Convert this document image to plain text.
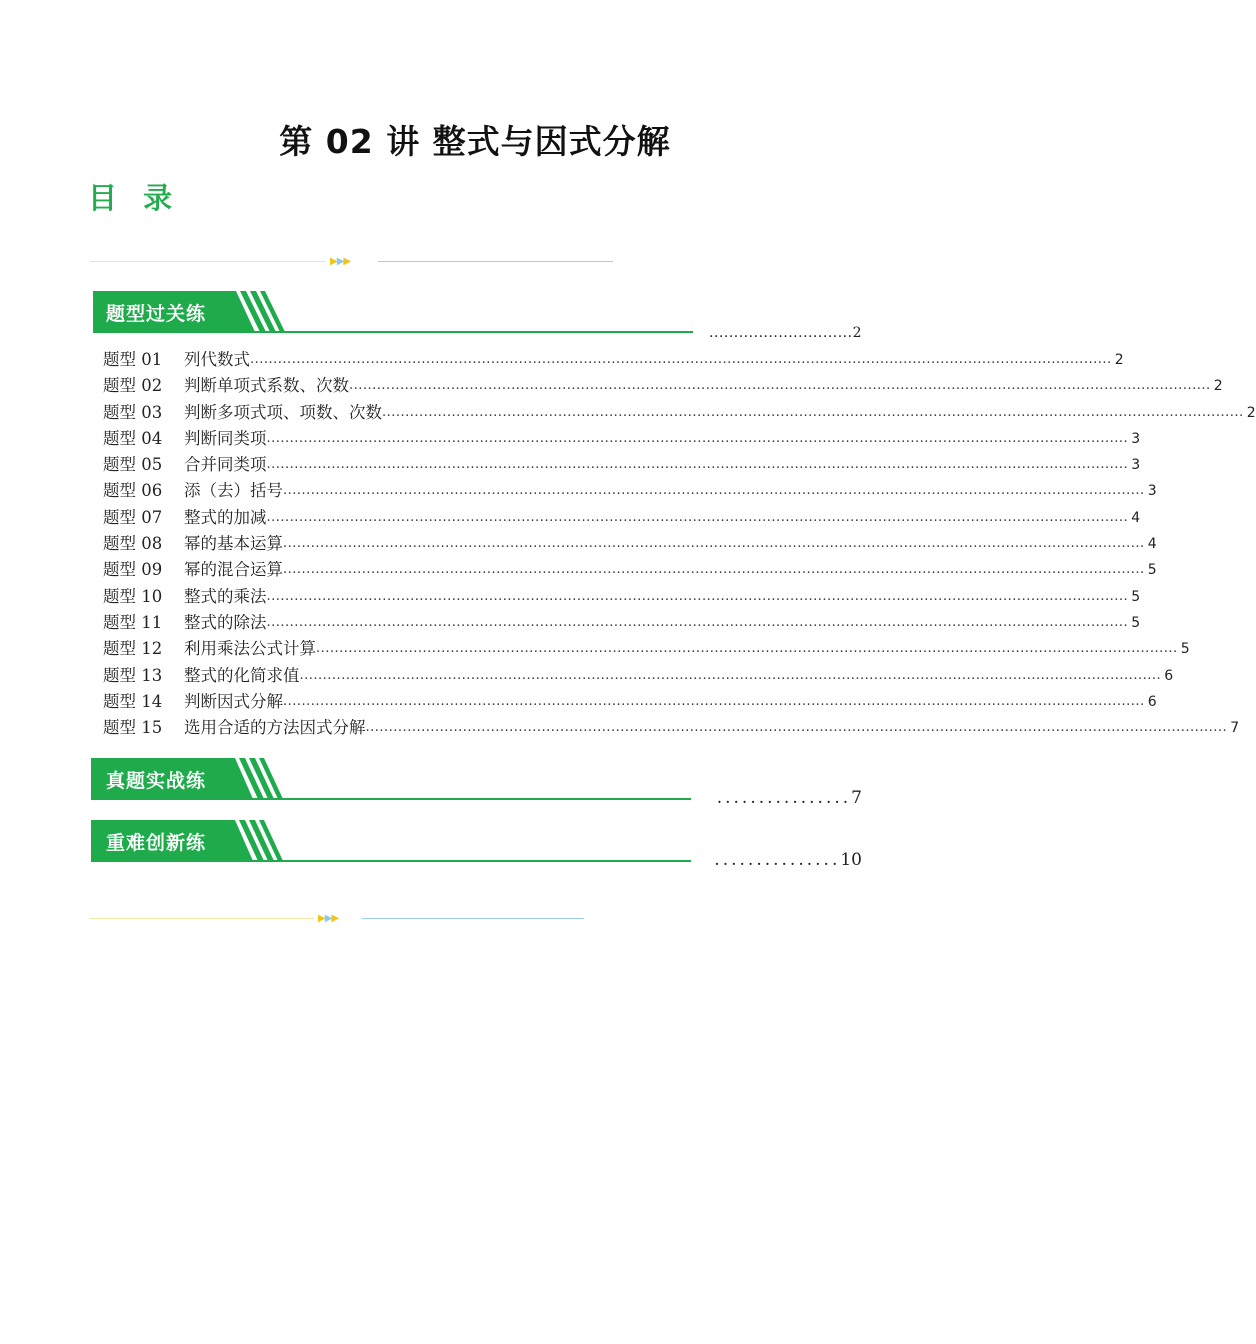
第 02 讲 整式与因式分解
目 录
▶▶▶
题型过关练
.............................2
题型 01	列代数式 .......................................................................................................................................................................................... 2
题型 02	判断单项式系数、次数 .......................................................................................................................................................................................... 2
题型 03	判断多项式项、项数、次数 .......................................................................................................................................................................................... 2
题型 04	判断同类项 .......................................................................................................................................................................................... 3
题型 05	合并同类项 .......................................................................................................................................................................................... 3
题型 06	添（去）括号 .......................................................................................................................................................................................... 3
题型 07	整式的加减 .......................................................................................................................................................................................... 4
题型 08	幂的基本运算 .......................................................................................................................................................................................... 4
题型 09	幂的混合运算 .......................................................................................................................................................................................... 5
题型 10	整式的乘法 .......................................................................................................................................................................................... 5
题型 11	整式的除法 .......................................................................................................................................................................................... 5
题型 12	利用乘法公式计算 .......................................................................................................................................................................................... 5
题型 13	整式的化简求值 .......................................................................................................................................................................................... 6
题型 14	判断因式分解 .......................................................................................................................................................................................... 6
题型 15	选用合适的方法因式分解 .......................................................................................................................................................................................... 7
真题实战练
................7
重难创新练
...............10
▶▶▶
